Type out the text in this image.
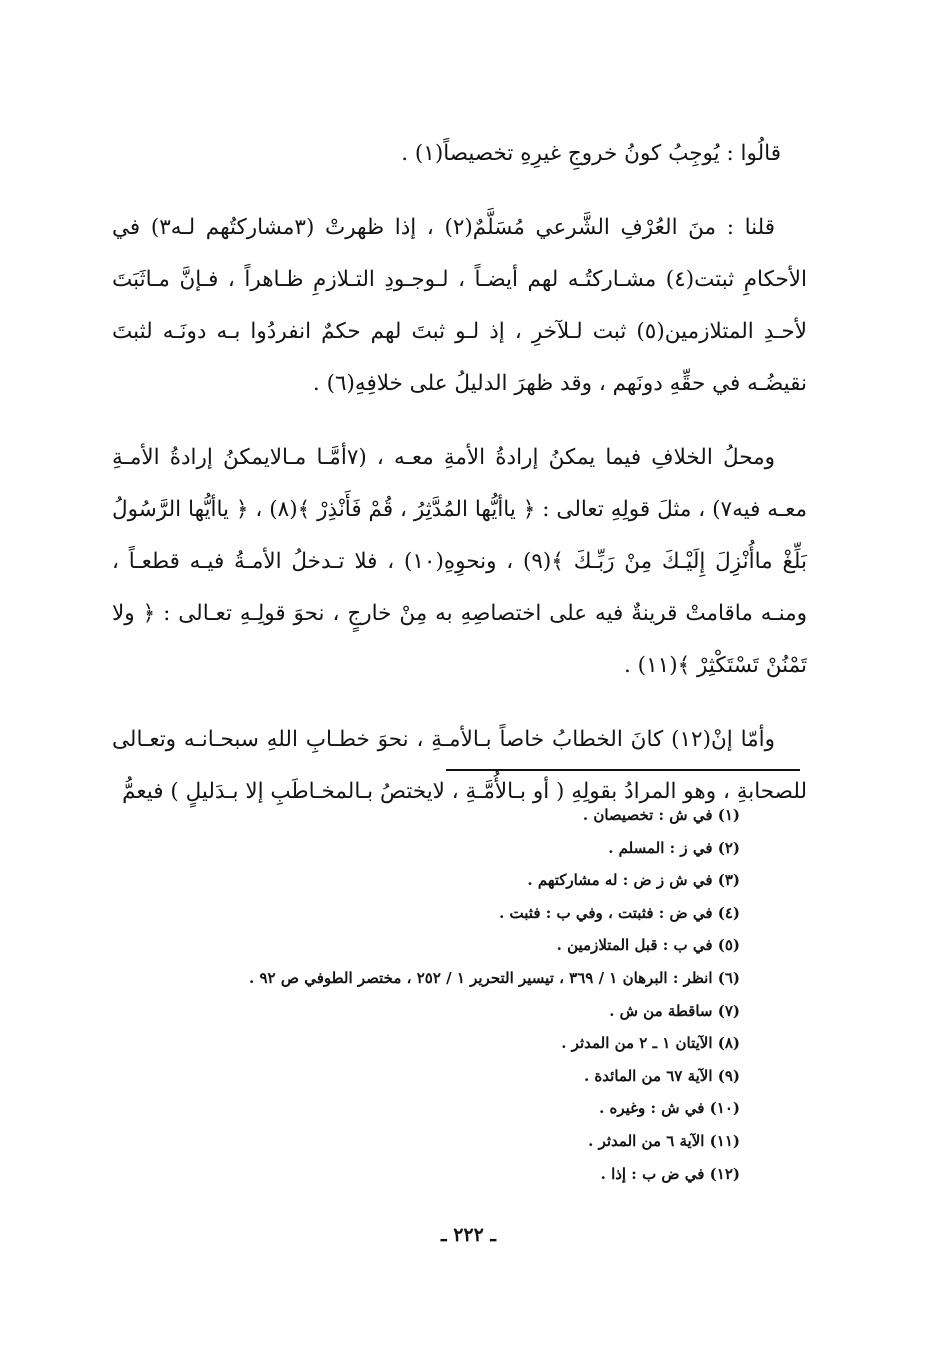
قالُوا : يُوجِبُ كونُ خروجِ غيرِهِ تخصيصاً(١) .

قلنا : منَ العُرْفِ الشَّرعي مُسَلَّمٌ(٢) ، إذا ظهرتْ (٣مشاركتُهم لـه٣) في الأحكامِ ثبتت(٤) مشـاركتُـه لهم أيضـاً ، لـوجـودِ التـلازمِ ظـاهراً ، فـإنَّ مـاثَبَتَ لأحـدِ المتلازمين(٥) ثبت لـلآخرِ ، إذ لـو ثبتَ لهم حكمٌ انفردُوا بـه دونَـه لثبتَ نقيضُـه في حقِّهِ دونَهم ، وقد ظهرَ الدليلُ على خلافِهِ(٦) .

ومحلُ الخلافِ فيما يمكنُ إرادةُ الأمةِ معـه ، (٧أمَّـا مـالايمكنُ إرادةُ الأمـةِ معـه فيه٧) ، مثلَ قولِهِ تعالى : ﴿ ياأيُّها المُدَّثِرُ ، قُمْ فَأَنْذِرْ ﴾(٨) ، ﴿ ياأيُّها الرَّسُولُ بَلِّغْ ماأُنْزِلَ إِلَيْـكَ مِنْ رَبِّـكَ ﴾(٩) ، ونحوِهِ(١٠) ، فلا تـدخلُ الأمـةُ فيـه قطعـاً ، ومنـه ماقامتْ قرينةٌ فيه على اختصاصِهِ به مِنْ خارجٍ ، نحوَ قولِـهِ تعـالى : ﴿ ولا تَمْنُنْ تَسْتَكْثِرْ ﴾(١١) .

وأمّا إنْ(١٢) كانَ الخطابُ خاصاً بـالأمـةِ ، نحوَ خطـابِ اللهِ سبحـانـه وتعـالى للصحابةِ ، وهو المرادُ بقولِهِ ( أو بـالأُمَّـةِ ، لايختصُ بـالمخـاطَبِ إلا بـدَليلٍ ) فيعمُّ

(١) في ش : تخصيصان .
(٢) في ز : المسلم .
(٣) في ش ز ض : له مشاركتهم .
(٤) في ض : فثبتت ، وفي ب : فثبت .
(٥) في ب : قبل المتلازمين .
(٦) انظر : البرهان ١ / ٣٦٩ ، تيسير التحرير ١ / ٢٥٢ ، مختصر الطوفي ص ٩٢ .
(٧) ساقطة من ش .
(٨) الآيتان ١ ـ ٢ من المدثر .
(٩) الآية ٦٧ من المائدة .
(١٠) في ش : وغيره .
(١١) الآية ٦ من المدثر .
(١٢) في ض ب : إذا .
ـ ٢٢٢ ـ
